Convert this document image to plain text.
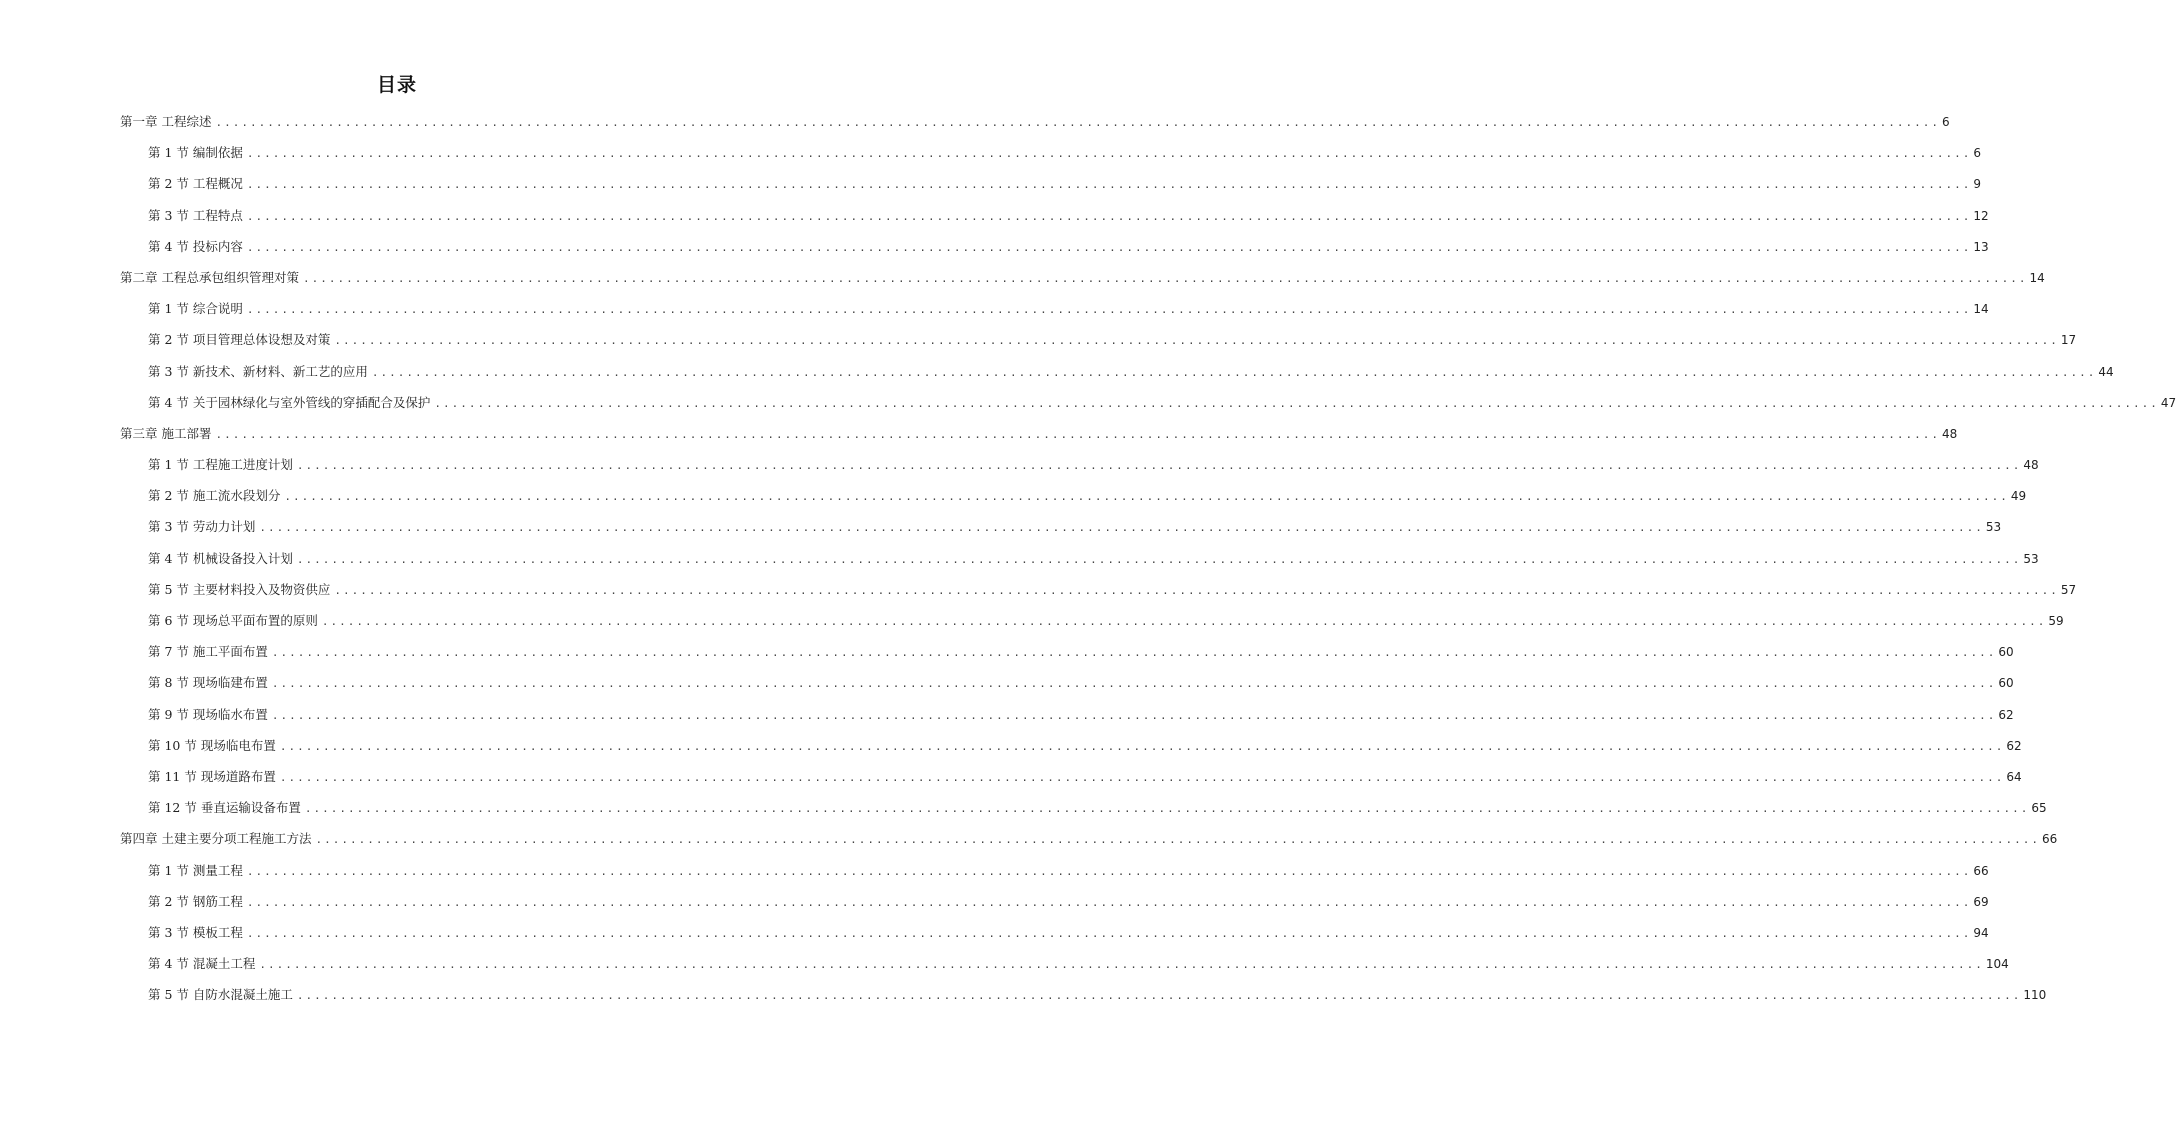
目录
第一章 工程综述 ........................................................................................................................................................................................................ 6
第 1 节 编制依据 ........................................................................................................................................................................................................ 6
第 2 节 工程概况 ........................................................................................................................................................................................................ 9
第 3 节 工程特点 ........................................................................................................................................................................................................ 12
第 4 节 投标内容 ........................................................................................................................................................................................................ 13
第二章 工程总承包组织管理对策 ........................................................................................................................................................................................................ 14
第 1 节 综合说明 ........................................................................................................................................................................................................ 14
第 2 节 项目管理总体设想及对策 ........................................................................................................................................................................................................ 17
第 3 节 新技术、新材料、新工艺的应用 ........................................................................................................................................................................................................ 44
第 4 节 关于园林绿化与室外管线的穿插配合及保护 ........................................................................................................................................................................................................ 47
第三章 施工部署 ........................................................................................................................................................................................................ 48
第 1 节 工程施工进度计划 ........................................................................................................................................................................................................ 48
第 2 节 施工流水段划分 ........................................................................................................................................................................................................ 49
第 3 节 劳动力计划 ........................................................................................................................................................................................................ 53
第 4 节 机械设备投入计划 ........................................................................................................................................................................................................ 53
第 5 节 主要材料投入及物资供应 ........................................................................................................................................................................................................ 57
第 6 节 现场总平面布置的原则 ........................................................................................................................................................................................................ 59
第 7 节 施工平面布置 ........................................................................................................................................................................................................ 60
第 8 节 现场临建布置 ........................................................................................................................................................................................................ 60
第 9 节 现场临水布置 ........................................................................................................................................................................................................ 62
第 10 节 现场临电布置 ........................................................................................................................................................................................................ 62
第 11 节 现场道路布置 ........................................................................................................................................................................................................ 64
第 12 节 垂直运输设备布置 ........................................................................................................................................................................................................ 65
第四章 土建主要分项工程施工方法 ........................................................................................................................................................................................................ 66
第 1 节 测量工程 ........................................................................................................................................................................................................ 66
第 2 节 钢筋工程 ........................................................................................................................................................................................................ 69
第 3 节 模板工程 ........................................................................................................................................................................................................ 94
第 4 节 混凝土工程 ........................................................................................................................................................................................................ 104
第 5 节 自防水混凝土施工 ........................................................................................................................................................................................................ 110
